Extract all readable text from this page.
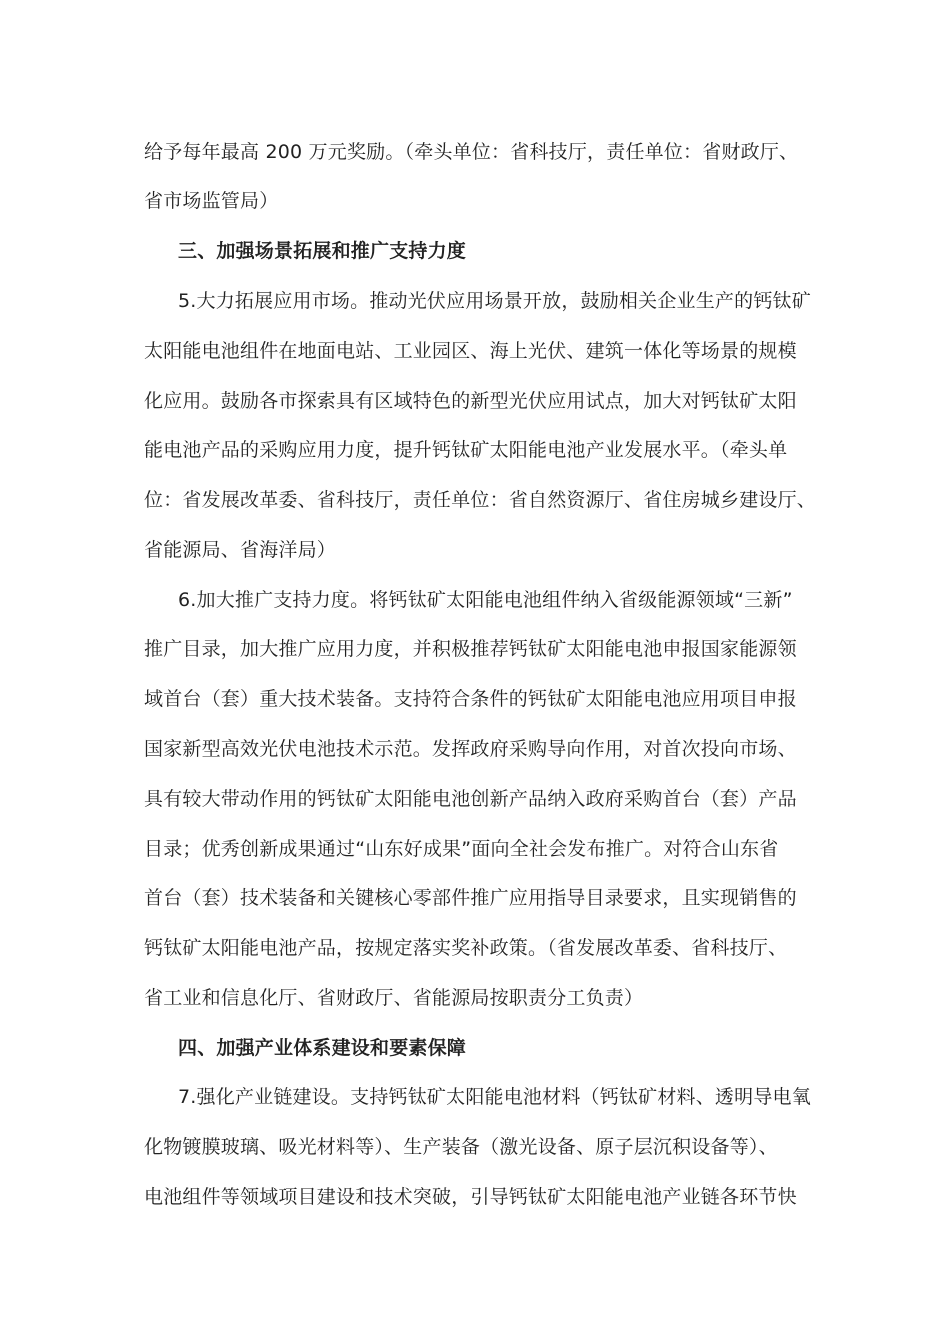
给予每年最高 200 万元奖励。（牵头单位：省科技厅，责任单位：省财政厅、
省市场监管局）
三、加强场景拓展和推广支持力度
5.大力拓展应用市场。推动光伏应用场景开放，鼓励相关企业生产的钙钛矿
太阳能电池组件在地面电站、工业园区、海上光伏、建筑一体化等场景的规模
化应用。鼓励各市探索具有区域特色的新型光伏应用试点，加大对钙钛矿太阳
能电池产品的采购应用力度，提升钙钛矿太阳能电池产业发展水平。（牵头单
位：省发展改革委、省科技厅，责任单位：省自然资源厅、省住房城乡建设厅、
省能源局、省海洋局）
6.加大推广支持力度。将钙钛矿太阳能电池组件纳入省级能源领域“三新”
推广目录，加大推广应用力度，并积极推荐钙钛矿太阳能电池申报国家能源领
域首台（套）重大技术装备。支持符合条件的钙钛矿太阳能电池应用项目申报
国家新型高效光伏电池技术示范。发挥政府采购导向作用，对首次投向市场、
具有较大带动作用的钙钛矿太阳能电池创新产品纳入政府采购首台（套）产品
目录；优秀创新成果通过“山东好成果”面向全社会发布推广。对符合山东省
首台（套）技术装备和关键核心零部件推广应用指导目录要求，且实现销售的
钙钛矿太阳能电池产品，按规定落实奖补政策。（省发展改革委、省科技厅、
省工业和信息化厅、省财政厅、省能源局按职责分工负责）
四、加强产业体系建设和要素保障
7.强化产业链建设。支持钙钛矿太阳能电池材料（钙钛矿材料、透明导电氧
化物镀膜玻璃、吸光材料等）、生产装备（激光设备、原子层沉积设备等）、
电池组件等领域项目建设和技术突破，引导钙钛矿太阳能电池产业链各环节快
